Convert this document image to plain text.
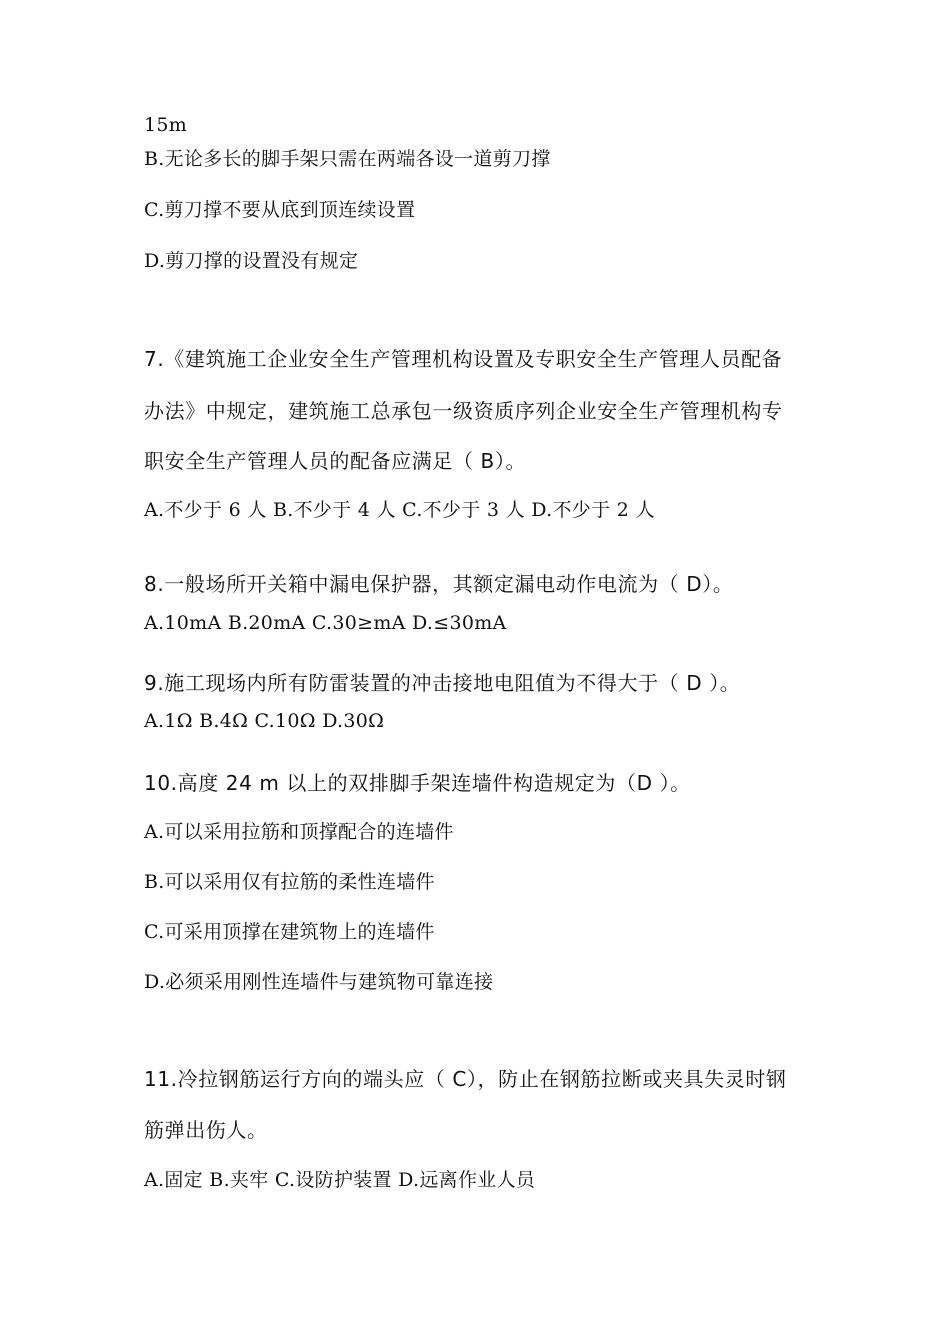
15m
B.无论多长的脚手架只需在两端各设一道剪刀撑
C.剪刀撑不要从底到顶连续设置
D.剪刀撑的设置没有规定
7.《建筑施工企业安全生产管理机构设置及专职安全生产管理人员配备
办法》中规定，建筑施工总承包一级资质序列企业安全生产管理机构专
职安全生产管理人员的配备应满足（ B）。
A.不少于 6 人 B.不少于 4 人 C.不少于 3 人 D.不少于 2 人
8.一般场所开关箱中漏电保护器，其额定漏电动作电流为（ D）。
A.10mA B.20mA C.30≥mA D.≤30mA
9.施工现场内所有防雷装置的冲击接地电阻值为不得大于（ D ）。
A.1Ω B.4Ω C.10Ω D.30Ω
10.高度 24 m 以上的双排脚手架连墙件构造规定为（D ）。
A.可以采用拉筋和顶撑配合的连墙件
B.可以采用仅有拉筋的柔性连墙件
C.可采用顶撑在建筑物上的连墙件
D.必须采用刚性连墙件与建筑物可靠连接
11.冷拉钢筋运行方向的端头应（ C），防止在钢筋拉断或夹具失灵时钢
筋弹出伤人。
A.固定 B.夹牢 C.设防护装置 D.远离作业人员
